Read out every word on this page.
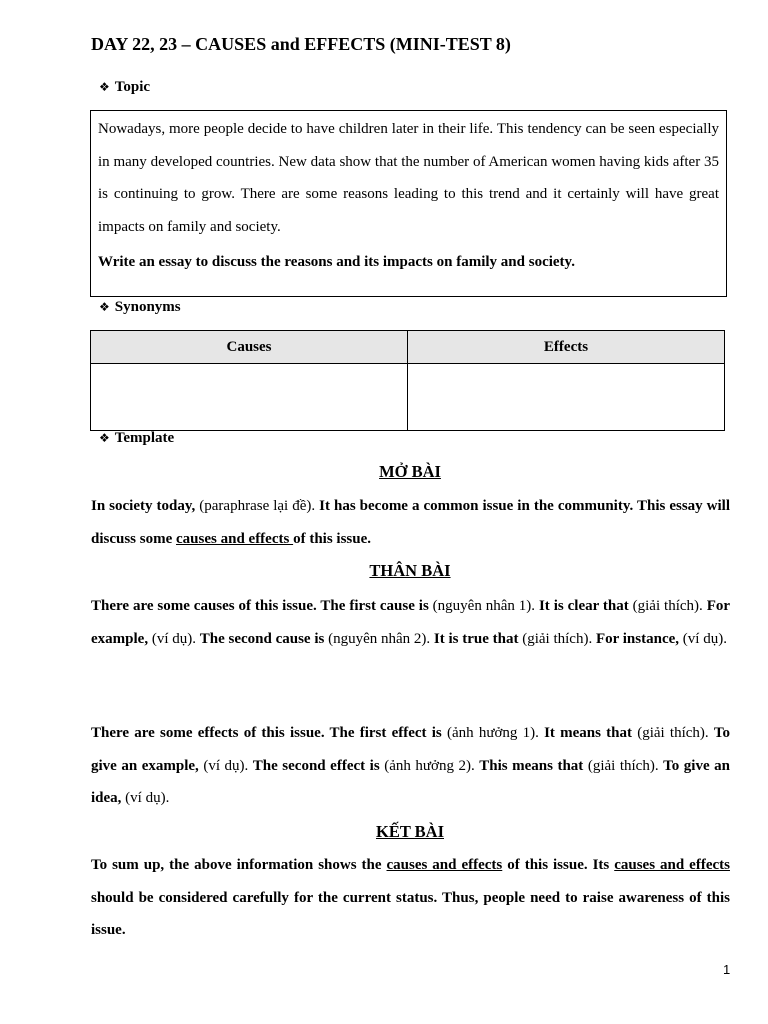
DAY 22, 23 – CAUSES and EFFECTS (MINI-TEST 8)
❖ Topic

Nowadays, more people decide to have children later in their life. This tendency can be seen especially in many developed countries. New data show that the number of American women having kids after 35 is continuing to grow. There are some reasons leading to this trend and it certainly will have great impacts on family and society.

Write an essay to discuss the reasons and its impacts on family and society.

❖ Synonyms
Causes	Effects

❖ Template
MỞ BÀI

In society today, (paraphrase lại đề). It has become a common issue in the community. This essay will discuss some causes and effects of this issue.

THÂN BÀI

There are some causes of this issue. The first cause is (nguyên nhân 1). It is clear that (giải thích). For example, (ví dụ). The second cause is (nguyên nhân 2). It is true that (giải thích). For instance, (ví dụ).

There are some effects of this issue. The first effect is (ảnh hưởng 1). It means that (giải thích). To give an example, (ví dụ). The second effect is (ảnh hưởng 2). This means that (giải thích). To give an idea, (ví dụ).

KẾT BÀI

To sum up, the above information shows the causes and effects of this issue. Its causes and effects should be considered carefully for the current status. Thus, people need to raise awareness of this issue.

1
